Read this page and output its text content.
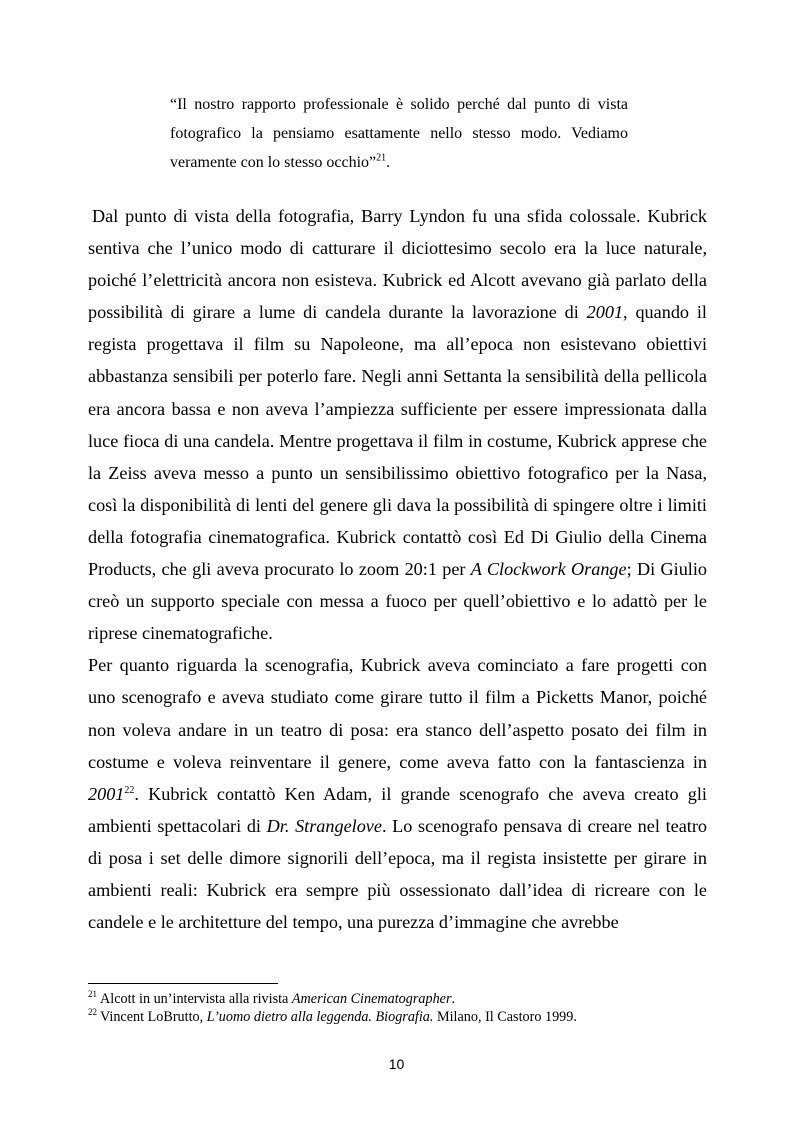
“Il nostro rapporto professionale è solido perché dal punto di vista fotografico la pensiamo esattamente nello stesso modo. Vediamo veramente con lo stesso occhio”$^{21}$.

Dal punto di vista della fotografia, Barry Lyndon fu una sfida colossale. Kubrick sentiva che l’unico modo di catturare il diciottesimo secolo era la luce naturale, poiché l’elettricità ancora non esisteva. Kubrick ed Alcott avevano già parlato della possibilità di girare a lume di candela durante la lavorazione di 2001, quando il regista progettava il film su Napoleone, ma all’epoca non esistevano obiettivi abbastanza sensibili per poterlo fare. Negli anni Settanta la sensibilità della pellicola era ancora bassa e non aveva l’ampiezza sufficiente per essere impressionata dalla luce fioca di una candela. Mentre progettava il film in costume, Kubrick apprese che la Zeiss aveva messo a punto un sensibilissimo obiettivo fotografico per la Nasa, così la disponibilità di lenti del genere gli dava la possibilità di spingere oltre i limiti della fotografia cinematografica. Kubrick contattò così Ed Di Giulio della Cinema Products, che gli aveva procurato lo zoom 20:1 per A Clockwork Orange; Di Giulio creò un supporto speciale con messa a fuoco per quell’obiettivo e lo adattò per le riprese cinematografiche.

Per quanto riguarda la scenografia, Kubrick aveva cominciato a fare progetti con uno scenografo e aveva studiato come girare tutto il film a Picketts Manor, poiché non voleva andare in un teatro di posa: era stanco dell’aspetto posato dei film in costume e voleva reinventare il genere, come aveva fatto con la fantascienza in 2001$^{22}$. Kubrick contattò Ken Adam, il grande scenografo che aveva creato gli ambienti spettacolari di Dr. Strangelove. Lo scenografo pensava di creare nel teatro di posa i set delle dimore signorili dell’epoca, ma il regista insistette per girare in ambienti reali: Kubrick era sempre più ossessionato dall’idea di ricreare con le candele e le architetture del tempo, una purezza d’immagine che avrebbe

$^{21}$ Alcott in un’intervista alla rivista American Cinematographer.
$^{22}$ Vincent LoBrutto, L’uomo dietro alla leggenda. Biografia. Milano, Il Castoro 1999.
10
